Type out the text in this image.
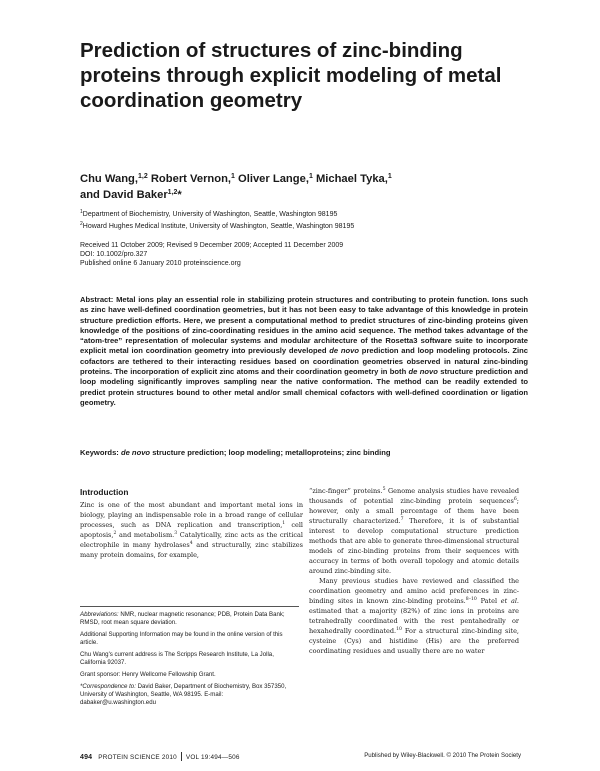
Prediction of structures of zinc-binding proteins through explicit modeling of metal coordination geometry
Chu Wang,$^{1,2}$ Robert Vernon,$^1$ Oliver Lange,$^1$ Michael Tyka,$^1$
and David Baker$^{1,2}$*
$^1$Department of Biochemistry, University of Washington, Seattle, Washington 98195
$^2$Howard Hughes Medical Institute, University of Washington, Seattle, Washington 98195
Received 11 October 2009; Revised 9 December 2009; Accepted 11 December 2009
DOI: 10.1002/pro.327
Published online 6 January 2010 proteinscience.org

Abstract: Metal ions play an essential role in stabilizing protein structures and contributing to protein function. Ions such as zinc have well-defined coordination geometries, but it has not been easy to take advantage of this knowledge in protein structure prediction efforts. Here, we present a computational method to predict structures of zinc-binding proteins given knowledge of the positions of zinc-coordinating residues in the amino acid sequence. The method takes advantage of the “atom-tree” representation of molecular systems and modular architecture of the Rosetta3 software suite to incorporate explicit metal ion coordination geometry into previously developed de novo prediction and loop modeling protocols. Zinc cofactors are tethered to their interacting residues based on coordination geometries observed in natural zinc-binding proteins. The incorporation of explicit zinc atoms and their coordination geometry in both de novo structure prediction and loop modeling significantly improves sampling near the native conformation. The method can be readily extended to predict protein structures bound to other metal and/or small chemical cofactors with well-defined coordination or ligation geometry.

Keywords: de novo structure prediction; loop modeling; metalloproteins; zinc binding
Introduction

Zinc is one of the most abundant and important metal ions in biology, playing an indispensable role in a broad range of cellular processes, such as DNA replication and transcription,$^1$ cell apoptosis,$^2$ and metabolism.$^3$ Catalytically, zinc acts as the critical electrophile in many hydrolases$^4$ and structurally, zinc stabilizes many protein domains, for example,

Abbreviations: NMR, nuclear magnetic resonance; PDB, Protein Data Bank; RMSD, root mean square deviation.

Additional Supporting Information may be found in the online version of this article.

Chu Wang's current address is The Scripps Research Institute, La Jolla, California 92037.

Grant sponsor: Henry Wellcome Fellowship Grant.

*Correspondence to: David Baker, Department of Biochemistry, Box 357350, University of Washington, Seattle, WA 98195. E-mail: dabaker@u.washington.edu

“zinc-finger” proteins.$^5$ Genome analysis studies have revealed thousands of potential zinc-binding protein sequences$^6$; however, only a small percentage of them have been structurally characterized.$^7$ Therefore, it is of substantial interest to develop computational structure prediction methods that are able to generate three-dimensional structural models of zinc-binding proteins from their sequences with accuracy in terms of both overall topology and atomic details around zinc-binding site.

Many previous studies have reviewed and classified the coordination geometry and amino acid preferences in zinc-binding sites in known zinc-binding proteins.$^{8-10}$ Patel et al. estimated that a majority (82%) of zinc ions in proteins are tetrahedrally coordinated with the rest pentahedrally or hexahedrally coordinated.$^{10}$ For a structural zinc-binding site, cysteine (Cys) and histidine (His) are the preferred coordinating residues and usually there are no water

494 PROTEIN SCIENCE 2010 VOL 19:494—506	Published by Wiley-Blackwell. © 2010 The Protein Society
